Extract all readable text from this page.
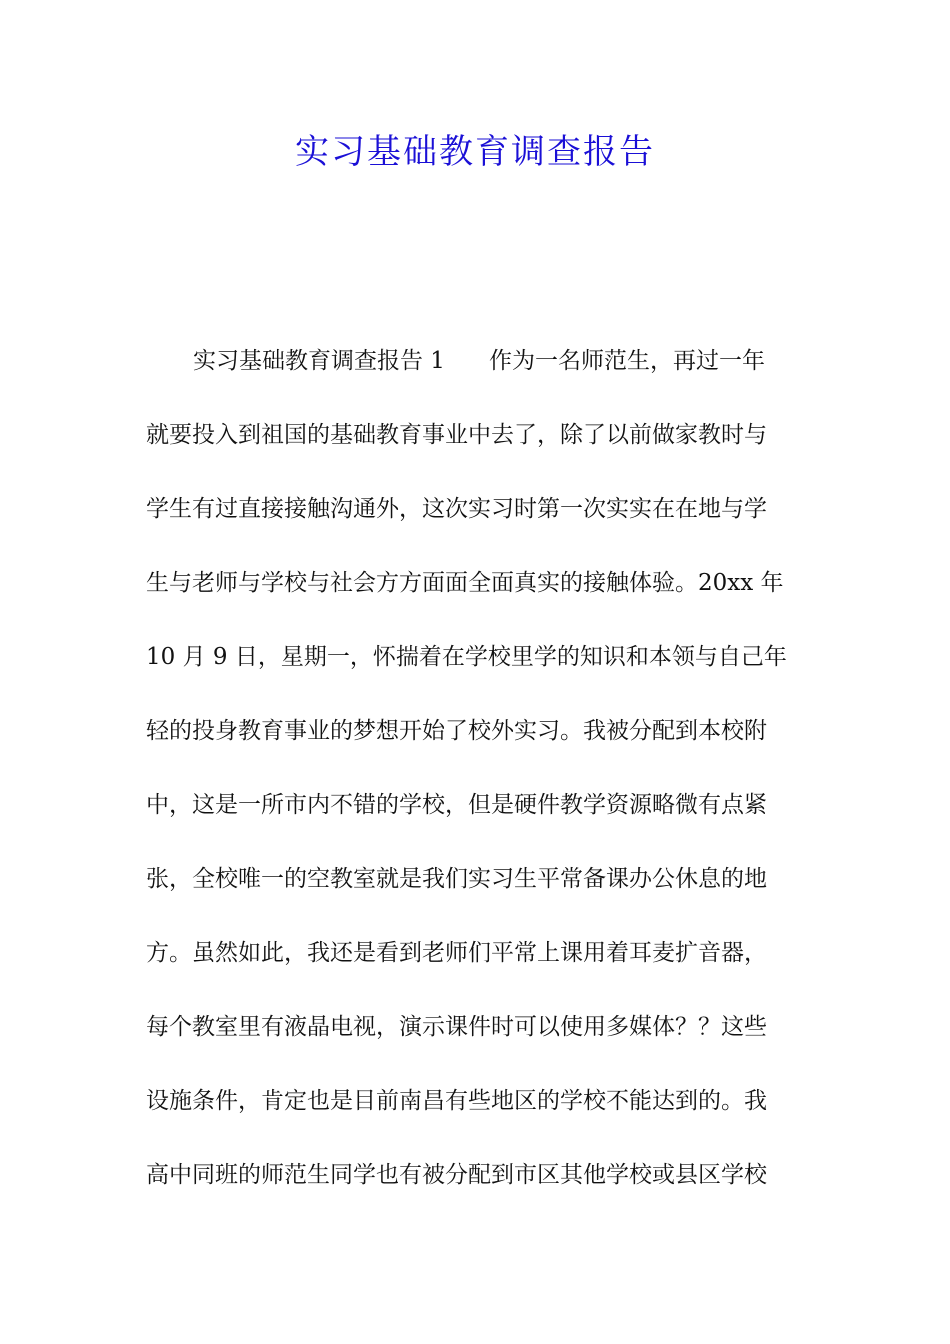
实习基础教育调查报告
实习基础教育调查报告 1 作为一名师范生，再过一年
就要投入到祖国的基础教育事业中去了，除了以前做家教时与
学生有过直接接触沟通外，这次实习时第一次实实在在地与学
生与老师与学校与社会方方面面全面真实的接触体验。20xx 年
10 月 9 日，星期一，怀揣着在学校里学的知识和本领与自己年
轻的投身教育事业的梦想开始了校外实习。我被分配到本校附
中，这是一所市内不错的学校，但是硬件教学资源略微有点紧
张，全校唯一的空教室就是我们实习生平常备课办公休息的地
方。虽然如此，我还是看到老师们平常上课用着耳麦扩音器，
每个教室里有液晶电视，演示课件时可以使用多媒体？？这些
设施条件，肯定也是目前南昌有些地区的学校不能达到的。我
高中同班的师范生同学也有被分配到市区其他学校或县区学校
